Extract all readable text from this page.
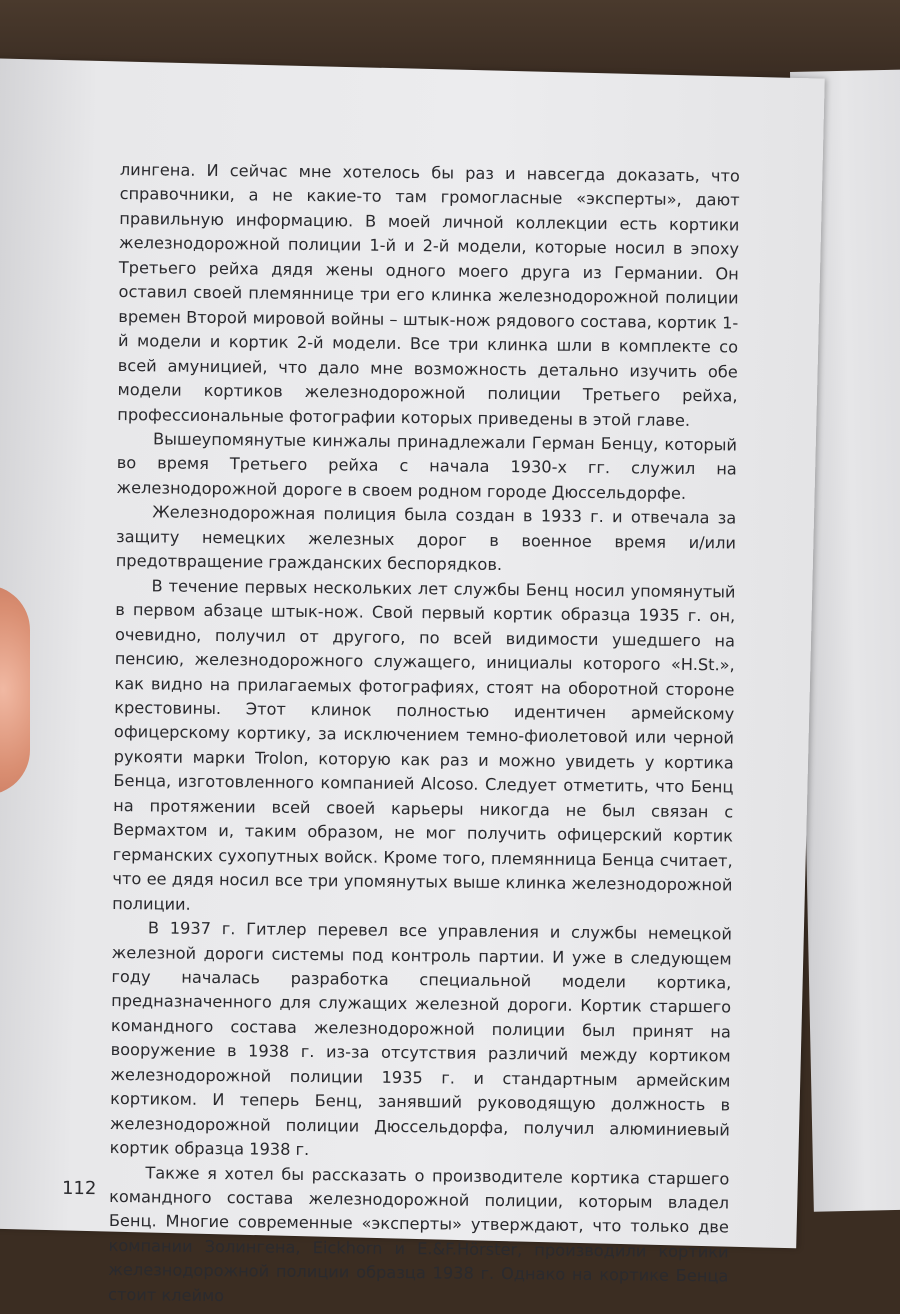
лингена. И сейчас мне хотелось бы раз и навсегда доказать, что справочники, а не какие-то там громогласные «эксперты», дают правильную информацию. В моей личной коллекции есть кортики железнодорожной полиции 1-й и 2-й модели, которые носил в эпоху Третьего рейха дядя жены одного моего друга из Германии. Он оставил своей племяннице три его клинка железнодорожной полиции времен Второй мировой войны – штык-нож рядового состава, кортик 1-й модели и кортик 2-й модели. Все три клинка шли в комплекте со всей амуницией, что дало мне возможность детально изучить обе модели кортиков железнодорожной полиции Третьего рейха, профессиональные фотографии которых приведены в этой главе.

Вышеупомянутые кинжалы принадлежали Герман Бенцу, который во время Третьего рейха с начала 1930-х гг. служил на железнодорожной дороге в своем родном городе Дюссельдорфе.

Железнодорожная полиция была создан в 1933 г. и отвечала за защиту немецких железных дорог в военное время и/или предотвращение гражданских беспорядков.

В течение первых нескольких лет службы Бенц носил упомянутый в первом абзаце штык-нож. Свой первый кортик образца 1935 г. он, очевидно, получил от другого, по всей видимости ушедшего на пенсию, железнодорожного служащего, инициалы которого «H.St.», как видно на прилагаемых фотографиях, стоят на оборотной стороне крестовины. Этот клинок полностью идентичен армейскому офицерскому кортику, за исключением темно-фиолетовой или черной рукояти марки Trolon, которую как раз и можно увидеть у кортика Бенца, изготовленного компанией Alcoso. Следует отметить, что Бенц на протяжении всей своей карьеры никогда не был связан с Вермахтом и, таким образом, не мог получить офицерский кортик германских сухопутных войск. Кроме того, племянница Бенца считает, что ее дядя носил все три упомянутых выше клинка железнодорожной полиции.

В 1937 г. Гитлер перевел все управления и службы немецкой железной дороги системы под контроль партии. И уже в следующем году началась разработка специальной модели кортика, предназначенного для служащих железной дороги. Кортик старшего командного состава железнодорожной полиции был принят на вооружение в 1938 г. из-за отсутствия различий между кортиком железнодорожной полиции 1935 г. и стандартным армейским кортиком. И теперь Бенц, занявший руководящую должность в железнодорожной полиции Дюссельдорфа, получил алюминиевый кортик образца 1938 г.

Также я хотел бы рассказать о производителе кортика старшего командного состава железнодорожной полиции, которым владел Бенц. Многие современные «эксперты» утверждают, что только две компании Золингена, Eickhorn и E.&F.Hörster, производили кортики железнодорожной полиции образца 1938 г. Однако на кортике Бенца стоит клеймо

112
